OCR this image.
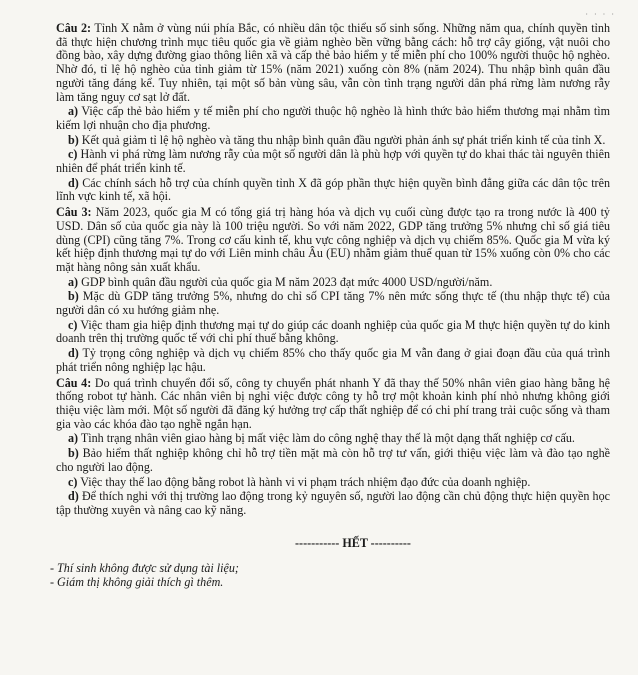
· · · ·

Câu 2: Tỉnh X nằm ở vùng núi phía Bắc, có nhiều dân tộc thiểu số sinh sống. Những năm qua, chính quyền tỉnh đã thực hiện chương trình mục tiêu quốc gia về giảm nghèo bền vững bằng cách: hỗ trợ cây giống, vật nuôi cho đồng bào, xây dựng đường giao thông liên xã và cấp thẻ bảo hiểm y tế miễn phí cho 100% người thuộc hộ nghèo. Nhờ đó, tỉ lệ hộ nghèo của tỉnh giảm từ 15% (năm 2021) xuống còn 8% (năm 2024). Thu nhập bình quân đầu người tăng đáng kể. Tuy nhiên, tại một số bản vùng sâu, vẫn còn tình trạng người dân phá rừng làm nương rẫy làm tăng nguy cơ sạt lở đất.

a) Việc cấp thẻ bảo hiểm y tế miễn phí cho người thuộc hộ nghèo là hình thức bảo hiểm thương mại nhằm tìm kiếm lợi nhuận cho địa phương.

b) Kết quả giảm tỉ lệ hộ nghèo và tăng thu nhập bình quân đầu người phản ánh sự phát triển kinh tế của tỉnh X.

c) Hành vi phá rừng làm nương rẫy của một số người dân là phù hợp với quyền tự do khai thác tài nguyên thiên nhiên để phát triển kinh tế.

d) Các chính sách hỗ trợ của chính quyền tỉnh X đã góp phần thực hiện quyền bình đẳng giữa các dân tộc trên lĩnh vực kinh tế, xã hội.

Câu 3: Năm 2023, quốc gia M có tổng giá trị hàng hóa và dịch vụ cuối cùng được tạo ra trong nước là 400 tỷ USD. Dân số của quốc gia này là 100 triệu người. So với năm 2022, GDP tăng trưởng 5% nhưng chỉ số giá tiêu dùng (CPI) cũng tăng 7%. Trong cơ cấu kinh tế, khu vực công nghiệp và dịch vụ chiếm 85%. Quốc gia M vừa ký kết hiệp định thương mại tự do với Liên minh châu Âu (EU) nhằm giảm thuế quan từ 15% xuống còn 0% cho các mặt hàng nông sản xuất khẩu.

a) GDP bình quân đầu người của quốc gia M năm 2023 đạt mức 4000 USD/người/năm.

b) Mặc dù GDP tăng trưởng 5%, nhưng do chỉ số CPI tăng 7% nên mức sống thực tế (thu nhập thực tế) của người dân có xu hướng giảm nhẹ.

c) Việc tham gia hiệp định thương mại tự do giúp các doanh nghiệp của quốc gia M thực hiện quyền tự do kinh doanh trên thị trường quốc tế với chi phí thuế bằng không.

d) Tỷ trọng công nghiệp và dịch vụ chiếm 85% cho thấy quốc gia M vẫn đang ở giai đoạn đầu của quá trình phát triển nông nghiệp lạc hậu.

Câu 4: Do quá trình chuyển đổi số, công ty chuyển phát nhanh Y đã thay thế 50% nhân viên giao hàng bằng hệ thống robot tự hành. Các nhân viên bị nghỉ việc được công ty hỗ trợ một khoản kinh phí nhỏ nhưng không giới thiệu việc làm mới. Một số người đã đăng ký hưởng trợ cấp thất nghiệp để có chi phí trang trải cuộc sống và tham gia vào các khóa đào tạo nghề ngắn hạn.

a) Tình trạng nhân viên giao hàng bị mất việc làm do công nghệ thay thế là một dạng thất nghiệp cơ cấu.

b) Bảo hiểm thất nghiệp không chỉ hỗ trợ tiền mặt mà còn hỗ trợ tư vấn, giới thiệu việc làm và đào tạo nghề cho người lao động.

c) Việc thay thế lao động bằng robot là hành vi vi phạm trách nhiệm đạo đức của doanh nghiệp.

d) Để thích nghi với thị trường lao động trong kỷ nguyên số, người lao động cần chủ động thực hiện quyền học tập thường xuyên và nâng cao kỹ năng.

----------- HẾT ----------

- Thí sinh không được sử dụng tài liệu;

- Giám thị không giải thích gì thêm.
